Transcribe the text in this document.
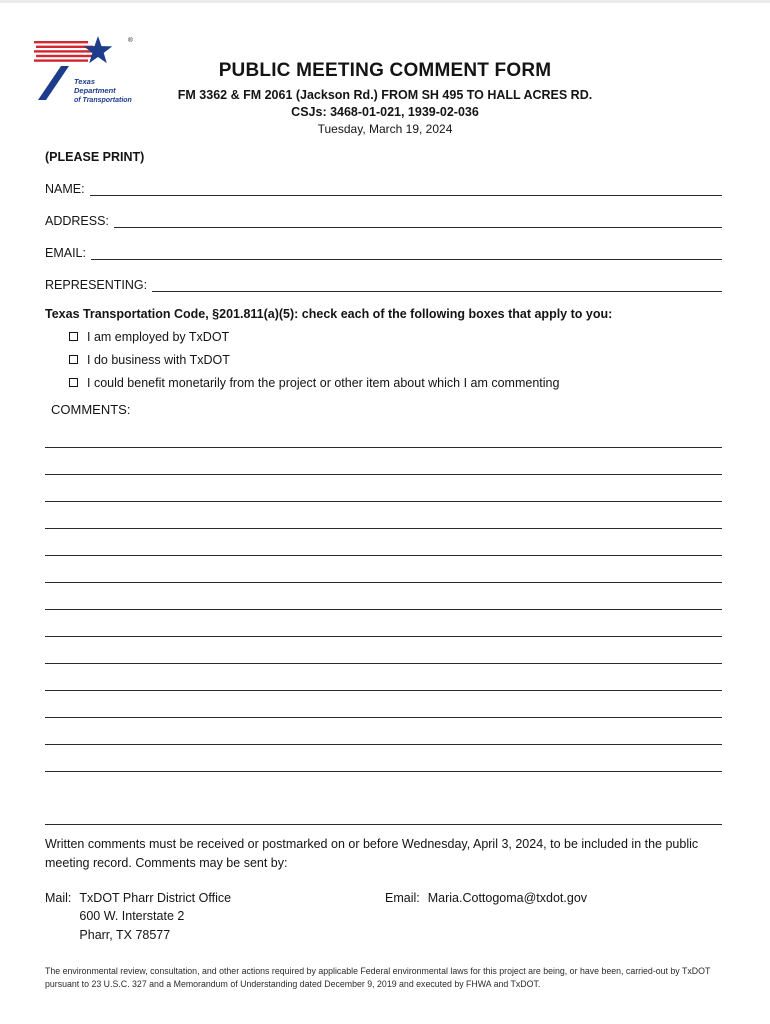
Texas
Department
of Transportation
®
PUBLIC MEETING COMMENT FORM
FM 3362 & FM 2061 (Jackson Rd.) FROM SH 495 TO HALL ACRES RD.
CSJs: 3468-01-021, 1939-02-036
Tuesday, March 19, 2024
(PLEASE PRINT)
NAME:
ADDRESS:
EMAIL:
REPRESENTING:
Texas Transportation Code, §201.811(a)(5): check each of the following boxes that apply to you:
I am employed by TxDOT
I do business with TxDOT
I could benefit monetarily from the project or other item about which I am commenting
COMMENTS:
Written comments must be received or postmarked on or before Wednesday, April 3, 2024, to be included in the public meeting record. Comments may be sent by:
Mail: TxDOT Pharr District Office
600 W. Interstate 2
Pharr, TX 78577
Email: Maria.Cottogoma@txdot.gov
The environmental review, consultation, and other actions required by applicable Federal environmental laws for this project are being, or have been, carried-out by TxDOT pursuant to 23 U.S.C. 327 and a Memorandum of Understanding dated December 9, 2019 and executed by FHWA and TxDOT.
